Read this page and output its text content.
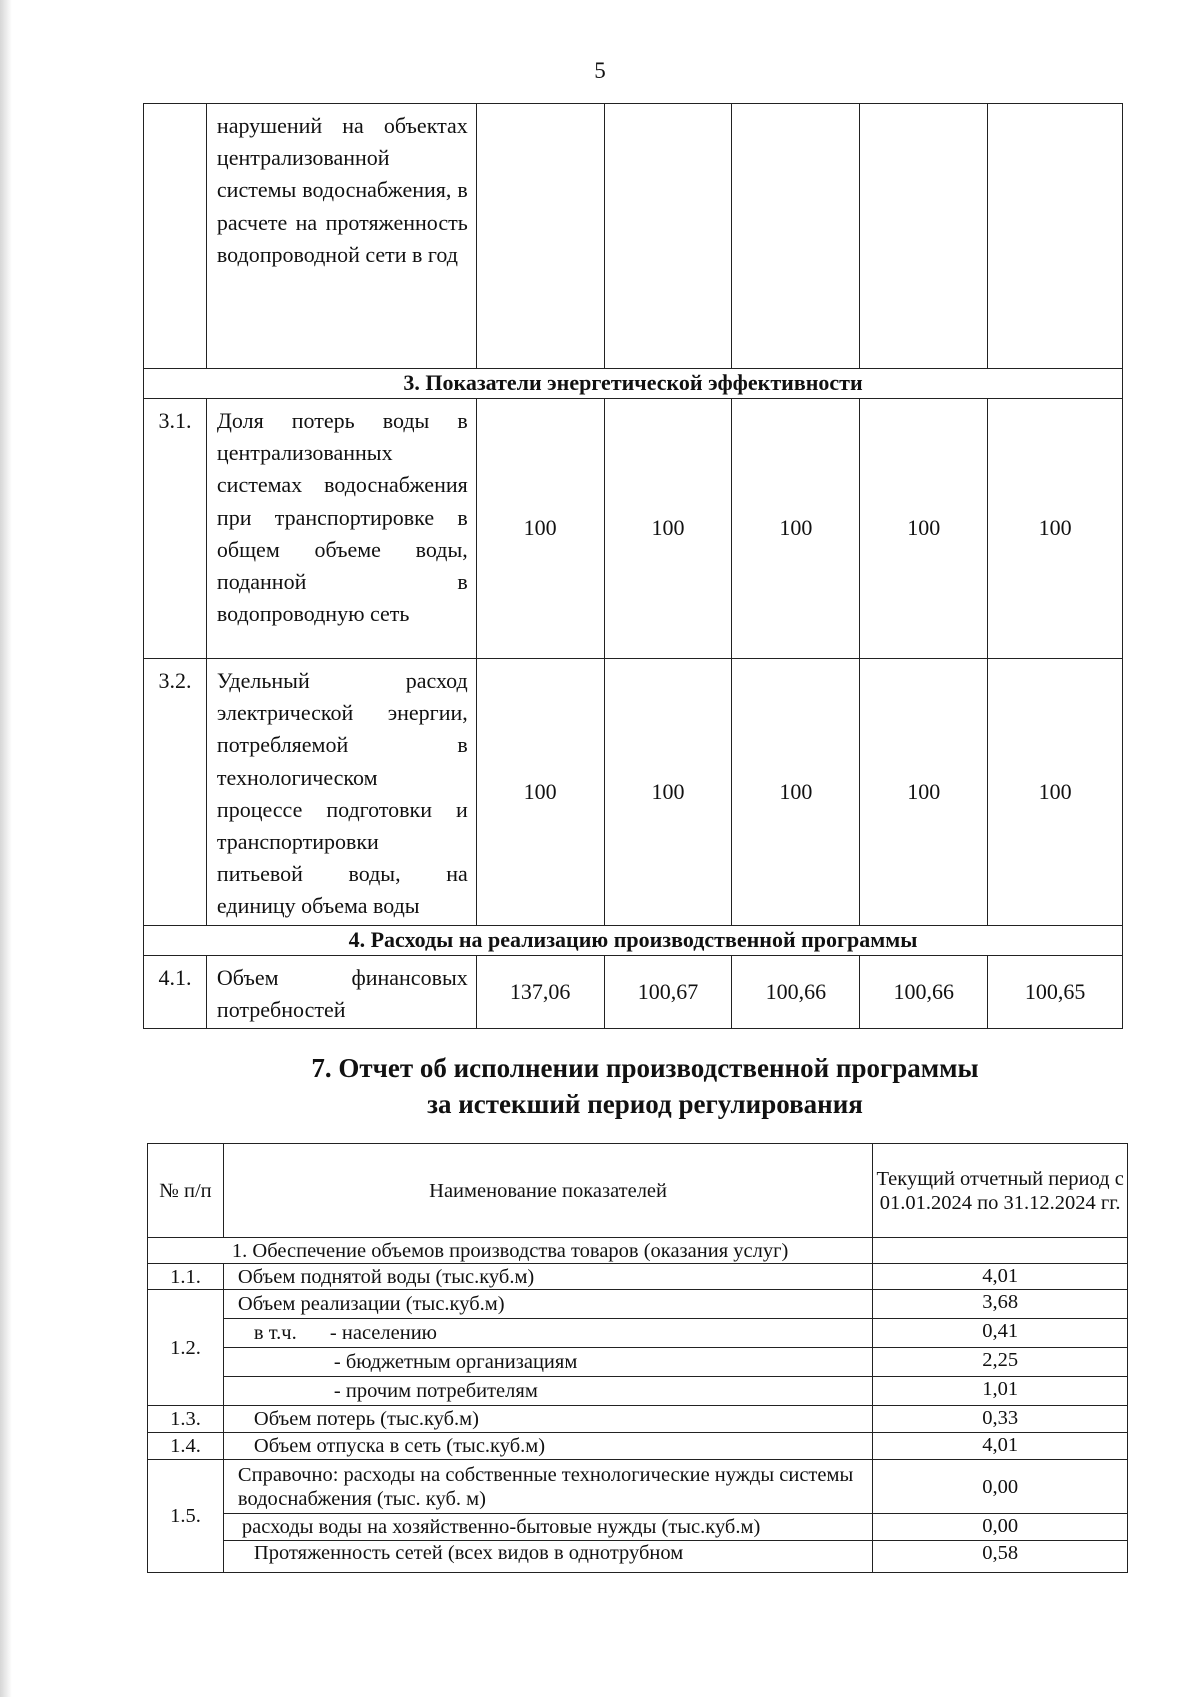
5
	нарушений на объектах централизованной системы водоснабжения, в расчете на протяженность водопроводной сети в год					
3. Показатели энергетической эффективности						
3.1.	Доля потерь воды в централизованных системах водоснабжения при транспортировке в общем объеме воды, поданной в водопроводную сеть	100	100	100	100	100
3.2.	Удельный расход электрической энергии, потребляемой в технологическом процессе подготовки и транспортировки питьевой воды, на единицу объема воды	100	100	100	100	100
4. Расходы на реализацию производственной программы						
4.1.	Объем финансовых потребностей	137,06	100,67	100,66	100,66	100,65
7. Отчет об исполнении производственной программы
за истекший период регулирования
№ п/п	Наименование показателей	Текущий отчетный период с 01.01.2024 по 31.12.2024 гг.
1. Обеспечение объемов производства товаров (оказания услуг)		
1.1.	Объем поднятой воды (тыс.куб.м)	4,01
1.2.	Объем реализации (тыс.куб.м)	3,68
	в т.ч. - населению	0,41
	- бюджетным организациям	2,25
	- прочим потребителям	1,01
1.3.	Объем потерь (тыс.куб.м)	0,33
1.4.	Объем отпуска в сеть (тыс.куб.м)	4,01
1.5.	Справочно: расходы на собственные технологические нужды системы водоснабжения (тыс. куб. м)	0,00
	расходы воды на хозяйственно-бытовые нужды (тыс.куб.м)	0,00
	Протяженность сетей (всех видов в однотрубном	0,58
